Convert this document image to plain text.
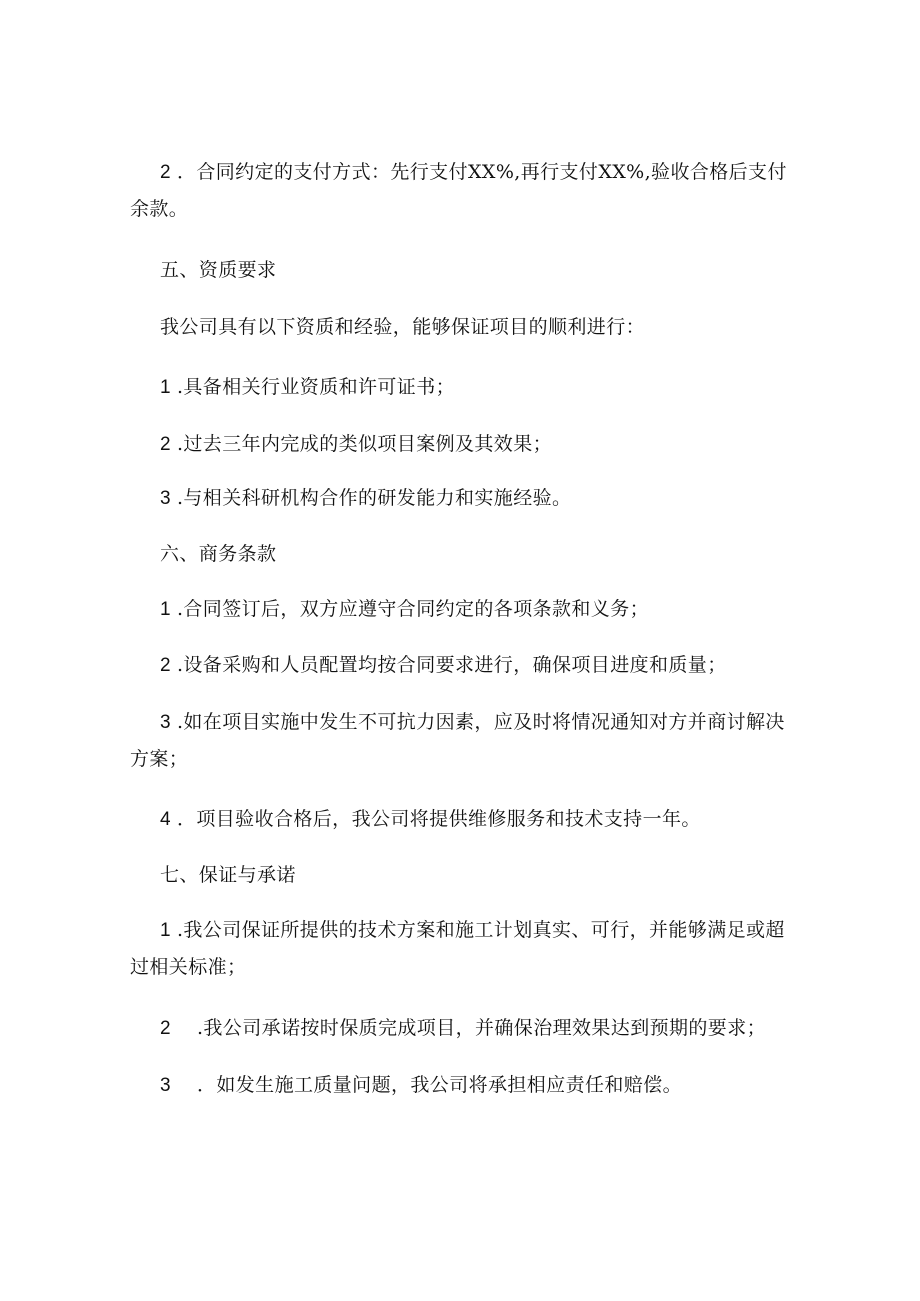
2 ．合同约定的支付方式：先行支付XX%,再行支付XX%,验收合格后支付余款。

五、资质要求

我公司具有以下资质和经验，能够保证项目的顺利进行：

1 .具备相关行业资质和许可证书；

2 .过去三年内完成的类似项目案例及其效果；

3 .与相关科研机构合作的研发能力和实施经验。

六、商务条款

1 .合同签订后，双方应遵守合同约定的各项条款和义务；

2 .设备采购和人员配置均按合同要求进行，确保项目进度和质量；

3 .如在项目实施中发生不可抗力因素，应及时将情况通知对方并商讨解决方案；

4 ．项目验收合格后，我公司将提供维修服务和技术支持一年。

七、保证与承诺

1 .我公司保证所提供的技术方案和施工计划真实、可行，并能够满足或超过相关标准；

2 .我公司承诺按时保质完成项目，并确保治理效果达到预期的要求；

3 ．如发生施工质量问题，我公司将承担相应责任和赔偿。
